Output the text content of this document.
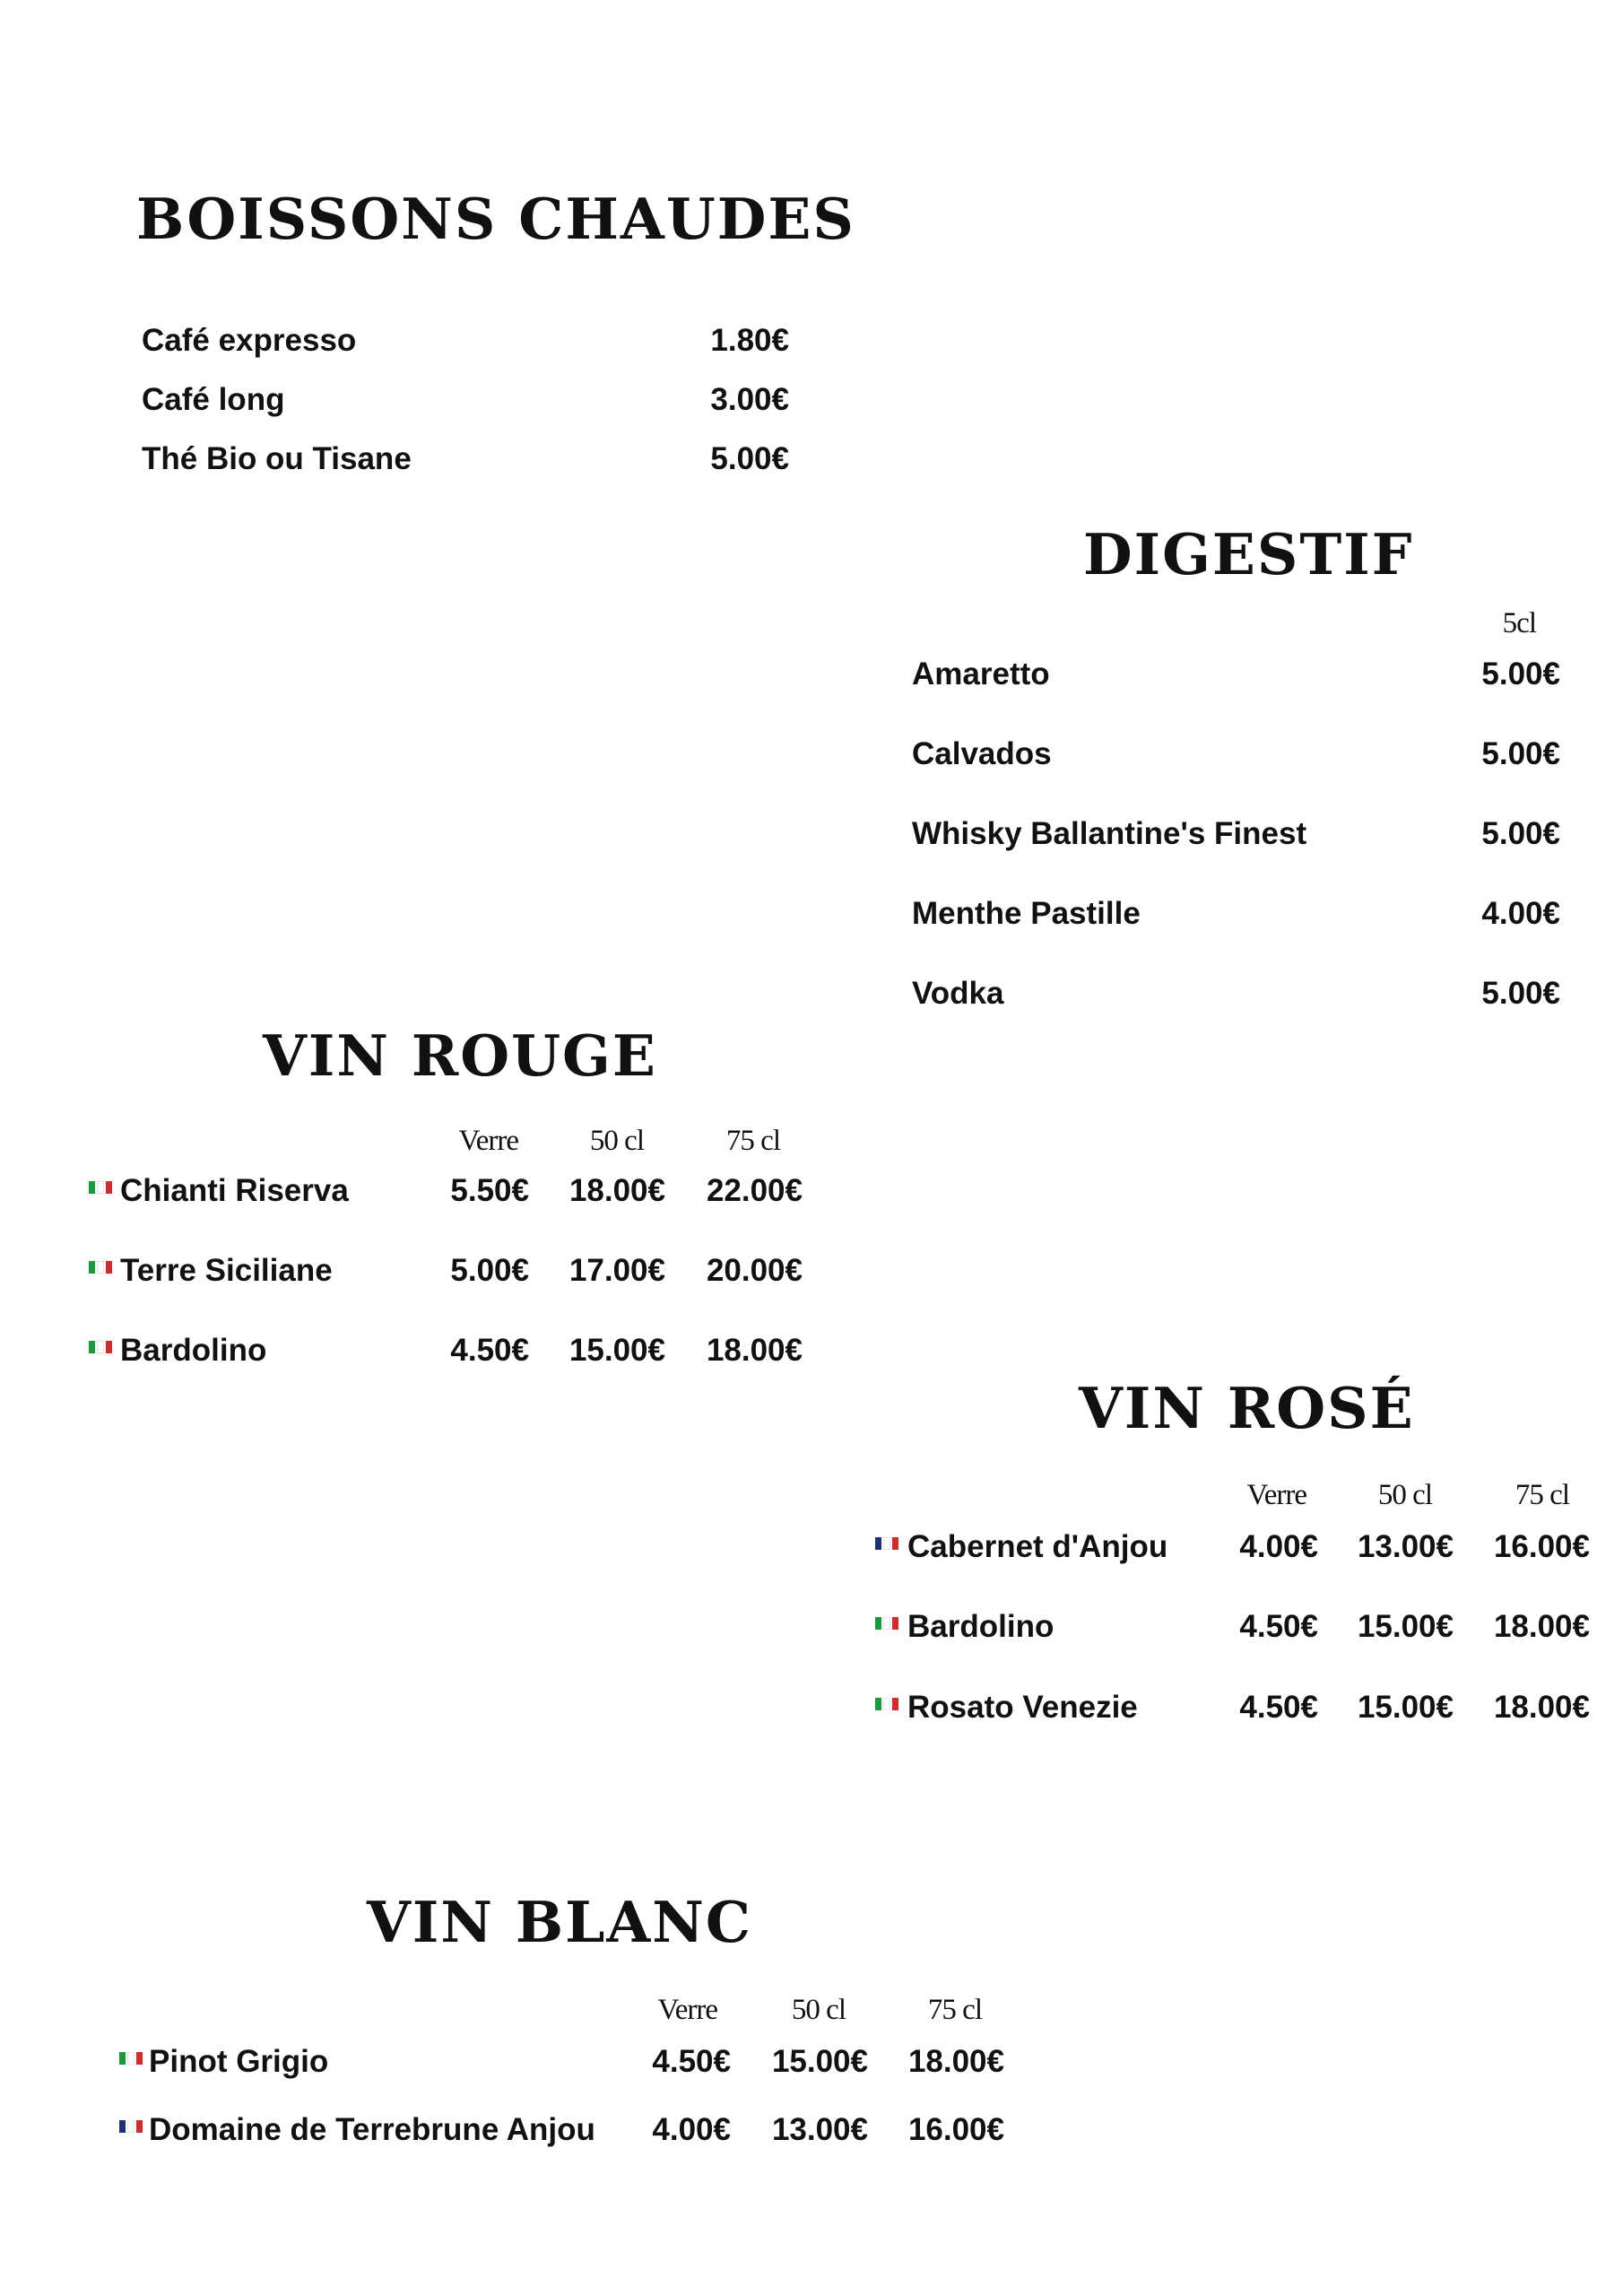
BOISSONS CHAUDES
Café expresso	1.80€
Café long	3.00€
Thé Bio ou Tisane	5.00€
DIGESTIF
5cl
Amaretto	5.00€
Calvados	5.00€
Whisky Ballantine's Finest	5.00€
Menthe Pastille	4.00€
Vodka	5.00€
VIN ROUGE
Verre	50 cl	75 cl
Chianti Riserva	5.50€	18.00€	22.00€
Terre Siciliane	5.00€	17.00€	20.00€
Bardolino	4.50€	15.00€	18.00€
VIN ROSÉ
Verre	50 cl	75 cl
Cabernet d'Anjou	4.00€	13.00€	16.00€
Bardolino	4.50€	15.00€	18.00€
Rosato Venezie	4.50€	15.00€	18.00€
VIN BLANC
Verre	50 cl	75 cl
Pinot Grigio	4.50€	15.00€	18.00€
Domaine de Terrebrune Anjou	4.00€	13.00€	16.00€
